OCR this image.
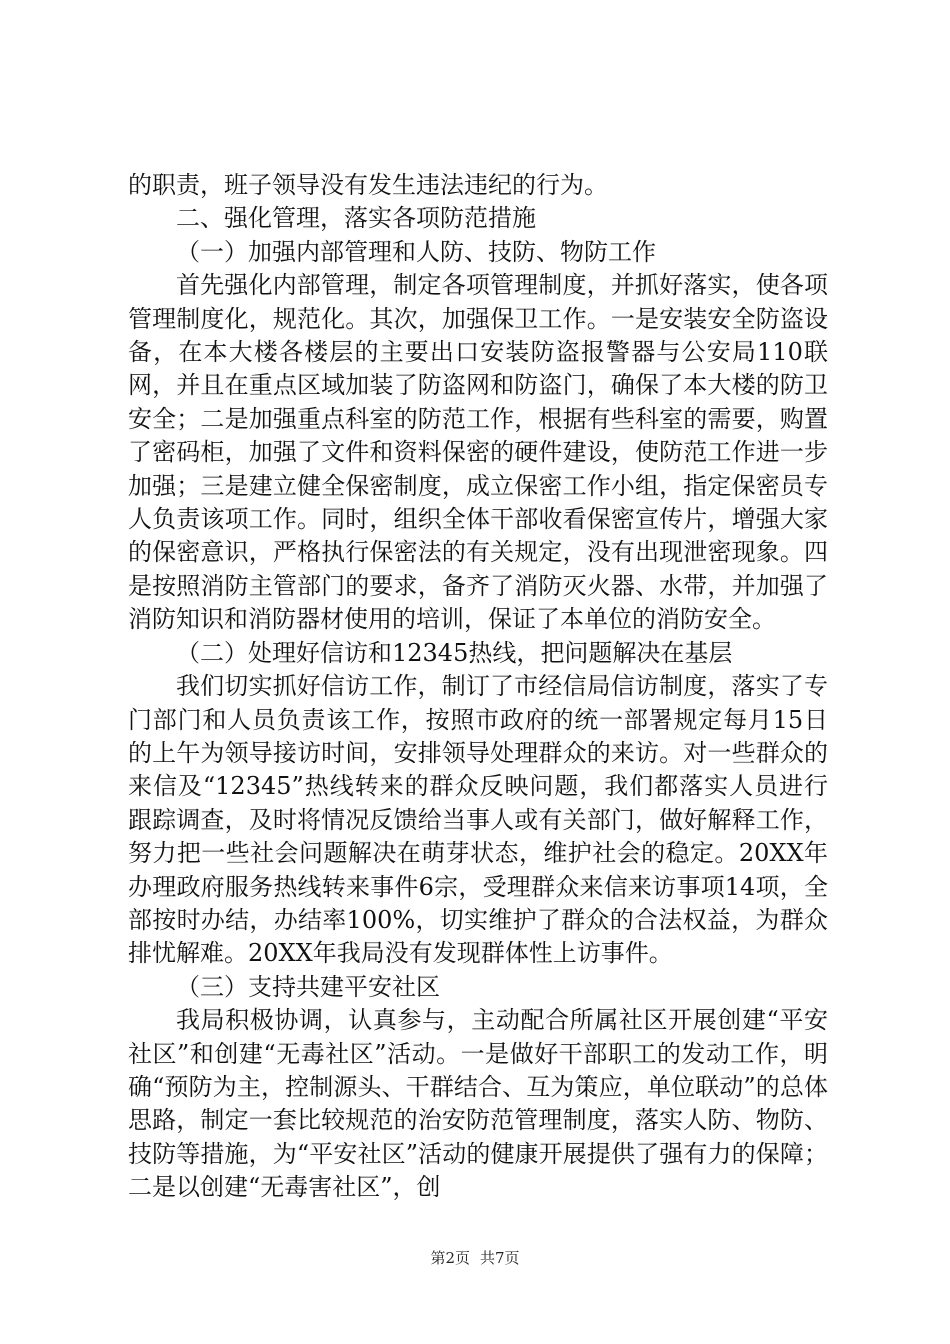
的职责，班子领导没有发生违法违纪的行为。

二、强化管理，落实各项防范措施

（一）加强内部管理和人防、技防、物防工作

首先强化内部管理，制定各项管理制度，并抓好落实，使各项管理制度化，规范化。其次，加强保卫工作。一是安装安全防盗设备，在本大楼各楼层的主要出口安装防盗报警器与公安局110联网，并且在重点区域加装了防盗网和防盗门，确保了本大楼的防卫安全；二是加强重点科室的防范工作，根据有些科室的需要，购置了密码柜，加强了文件和资料保密的硬件建设，使防范工作进一步加强；三是建立健全保密制度，成立保密工作小组，指定保密员专人负责该项工作。同时，组织全体干部收看保密宣传片，增强大家的保密意识，严格执行保密法的有关规定，没有出现泄密现象。四是按照消防主管部门的要求，备齐了消防灭火器、水带，并加强了消防知识和消防器材使用的培训，保证了本单位的消防安全。

（二）处理好信访和12345热线，把问题解决在基层

我们切实抓好信访工作，制订了市经信局信访制度，落实了专门部门和人员负责该工作，按照市政府的统一部署规定每月15日的上午为领导接访时间，安排领导处理群众的来访。对一些群众的来信及“12345”热线转来的群众反映问题，我们都落实人员进行跟踪调查，及时将情况反馈给当事人或有关部门，做好解释工作，努力把一些社会问题解决在萌芽状态，维护社会的稳定。20XX年办理政府服务热线转来事件6宗，受理群众来信来访事项14项，全部按时办结，办结率100%，切实维护了群众的合法权益，为群众排忧解难。20XX年我局没有发现群体性上访事件。

（三）支持共建平安社区

我局积极协调，认真参与，主动配合所属社区开展创建“平安社区”和创建“无毒社区”活动。一是做好干部职工的发动工作，明确“预防为主，控制源头、干群结合、互为策应，单位联动”的总体思路，制定一套比较规范的治安防范管理制度，落实人防、物防、技防等措施，为“平安社区”活动的健康开展提供了强有力的保障；二是以创建“无毒害社区”，创

第2页 共7页
